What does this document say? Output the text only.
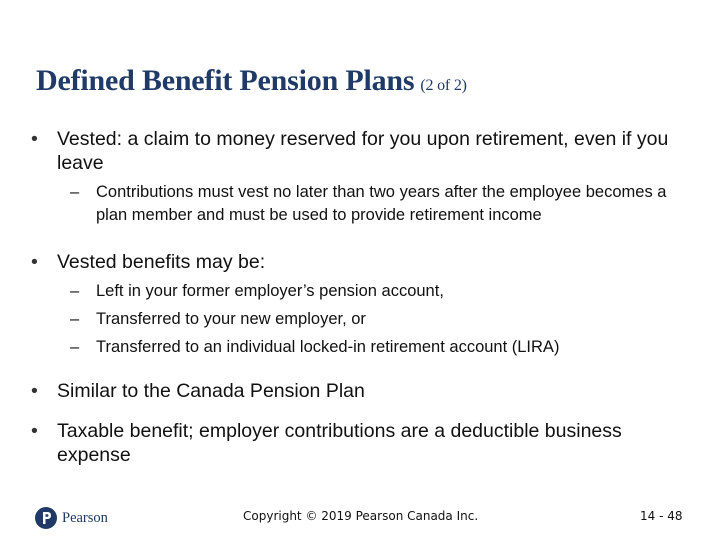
Defined Benefit Pension Plans (2 of 2)
• Vested: a claim to money reserved for you upon retirement, even if you leave
– Contributions must vest no later than two years after the employee becomes a plan member and must be used to provide retirement income
• Vested benefits may be:
– Left in your former employer’s pension account,
– Transferred to your new employer, or
– Transferred to an individual locked-in retirement account (LIRA)
• Similar to the Canada Pension Plan
• Taxable benefit; employer contributions are a deductible business expense
Pearson	Copyright © 2019 Pearson Canada Inc.	14 - 48
